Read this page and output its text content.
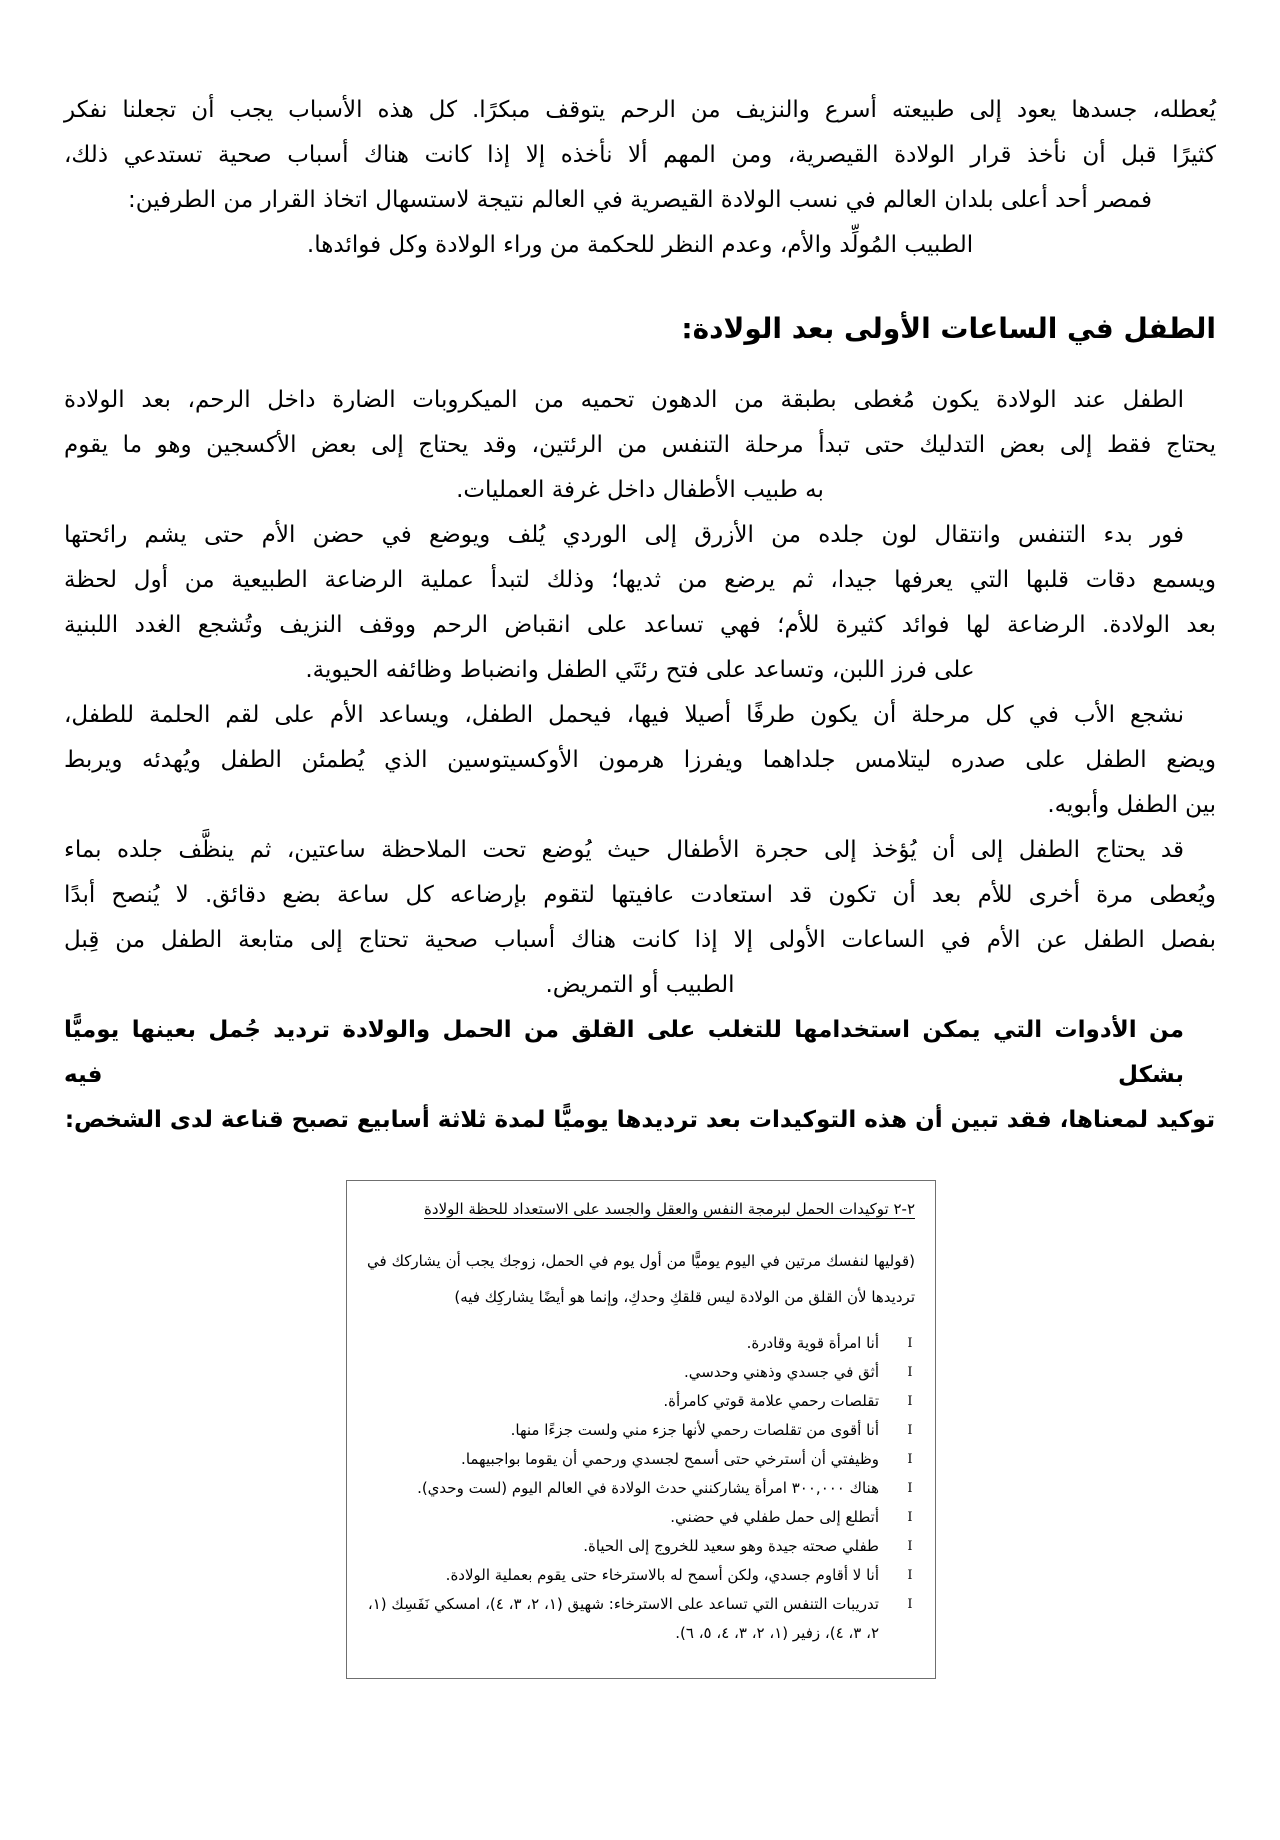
يُعطله، جسدها يعود إلى طبيعته أسرع والنزيف من الرحم يتوقف مبكرًا. كل هذه الأسباب يجب أن تجعلنا نفكر
كثيرًا قبل أن نأخذ قرار الولادة القيصرية، ومن المهم ألا نأخذه إلا إذا كانت هناك أسباب صحية تستدعي ذلك،
فمصر أحد أعلى بلدان العالم في نسب الولادة القيصرية في العالم نتيجة لاستسهال اتخاذ القرار من الطرفين:
الطبيب المُولِّد والأم، وعدم النظر للحكمة من وراء الولادة وكل فوائدها.
الطفل في الساعات الأولى بعد الولادة:
الطفل عند الولادة يكون مُغطى بطبقة من الدهون تحميه من الميكروبات الضارة داخل الرحم، بعد الولادة
يحتاج فقط إلى بعض التدليك حتى تبدأ مرحلة التنفس من الرئتين، وقد يحتاج إلى بعض الأكسجين وهو ما يقوم
به طبيب الأطفال داخل غرفة العمليات.
فور بدء التنفس وانتقال لون جلده من الأزرق إلى الوردي يُلف ويوضع في حضن الأم حتى يشم رائحتها
ويسمع دقات قلبها التي يعرفها جيدا، ثم يرضع من ثديها؛ وذلك لتبدأ عملية الرضاعة الطبيعية من أول لحظة
بعد الولادة. الرضاعة لها فوائد كثيرة للأم؛ فهي تساعد على انقباض الرحم ووقف النزيف وتُشجع الغدد اللبنية
على فرز اللبن، وتساعد على فتح رئتَي الطفل وانضباط وظائفه الحيوية.
نشجع الأب في كل مرحلة أن يكون طرفًا أصيلا فيها، فيحمل الطفل، ويساعد الأم على لقم الحلمة للطفل،
ويضع الطفل على صدره ليتلامس جلداهما ويفرزا هرمون الأوكسيتوسين الذي يُطمئن الطفل ويُهدئه ويربط
بين الطفل وأبويه.
قد يحتاج الطفل إلى أن يُؤخذ إلى حجرة الأطفال حيث يُوضع تحت الملاحظة ساعتين، ثم ينظَّف جلده بماء
ويُعطى مرة أخرى للأم بعد أن تكون قد استعادت عافيتها لتقوم بإرضاعه كل ساعة بضع دقائق. لا يُنصح أبدًا
بفصل الطفل عن الأم في الساعات الأولى إلا إذا كانت هناك أسباب صحية تحتاج إلى متابعة الطفل من قِبل
الطبيب أو التمريض.
من الأدوات التي يمكن استخدامها للتغلب على القلق من الحمل والولادة ترديد جُمل بعينها يوميًّا بشكل فيه
توكيد لمعناها، فقد تبين أن هذه التوكيدات بعد ترديدها يوميًّا لمدة ثلاثة أسابيع تصبح قناعة لدى الشخص:
٢-٢ توكيدات الحمل لبرمجة النفس والعقل والجسد على الاستعداد للحظة الولادة
(قوليها لنفسك مرتين في اليوم يوميًّا من أول يوم في الحمل، زوجك يجب أن يشاركك في ترديدها لأن القلق من الولادة ليس قلقكِ وحدكِ، وإنما هو أيضًا يشاركِك فيه)
I
أنا امرأة قوية وقادرة.
I
أثق في جسدي وذهني وحدسي.
I
تقلصات رحمي علامة قوتي كامرأة.
I
أنا أقوى من تقلصات رحمي لأنها جزء مني ولست جزءًا منها.
I
وظيفتي أن أسترخي حتى أسمح لجسدي ورحمي أن يقوما بواجبيهما.
I
هناك ٣٠٠,٠٠٠ امرأة يشاركنني حدث الولادة في العالم اليوم (لست وحدي).
I
أتطلع إلى حمل طفلي في حضني.
I
طفلي صحته جيدة وهو سعيد للخروج إلى الحياة.
I
أنا لا أقاوم جسدي، ولكن أسمح له بالاسترخاء حتى يقوم بعملية الولادة.
I
تدريبات التنفس التي تساعد على الاسترخاء: شهيق (١، ٢، ٣، ٤)، امسكي نَفَسِك (١، ٢، ٣، ٤)، زفير (١، ٢، ٣، ٤، ٥، ٦).
